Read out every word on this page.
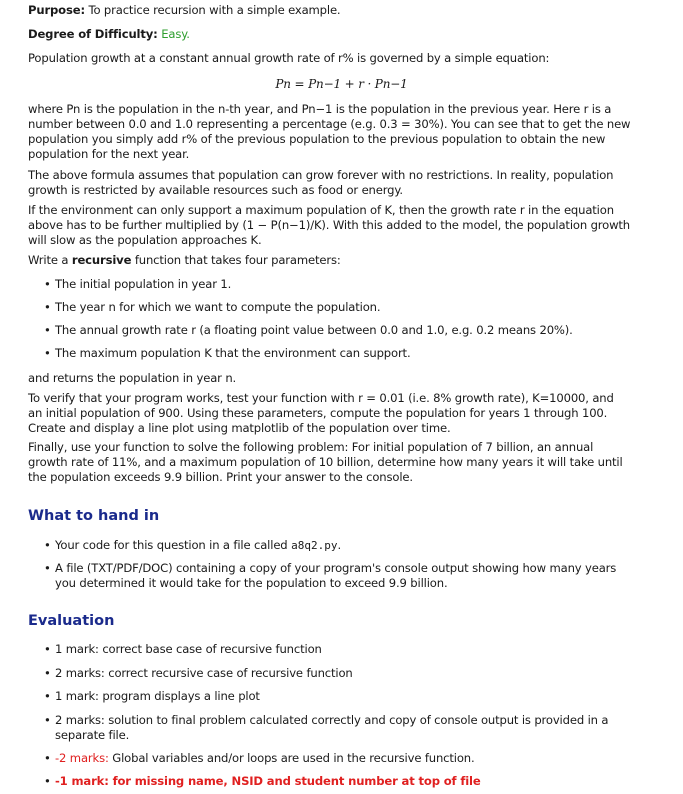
Purpose: To practice recursion with a simple example.
Degree of Difficulty: Easy.
Population growth at a constant annual growth rate of r% is governed by a simple equation:
Pn = Pn−1 + r · Pn−1
where Pn is the population in the n-th year, and Pn−1 is the population in the previous year. Here r is a number between 0.0 and 1.0 representing a percentage (e.g. 0.3 = 30%). You can see that to get the new population you simply add r% of the previous population to the previous population to obtain the new population for the next year.
The above formula assumes that population can grow forever with no restrictions. In reality, population growth is restricted by available resources such as food or energy.
If the environment can only support a maximum population of K, then the growth rate r in the equation above has to be further multiplied by (1 − P(n−1)/K). With this added to the model, the population growth will slow as the population approaches K.
Write a recursive function that takes four parameters:
• The initial population in year 1.
• The year n for which we want to compute the population.
• The annual growth rate r (a floating point value between 0.0 and 1.0, e.g. 0.2 means 20%).
• The maximum population K that the environment can support.
and returns the population in year n.
To verify that your program works, test your function with r = 0.01 (i.e. 8% growth rate), K=10000, and an initial population of 900. Using these parameters, compute the population for years 1 through 100. Create and display a line plot using matplotlib of the population over time.
Finally, use your function to solve the following problem: For initial population of 7 billion, an annual growth rate of 11%, and a maximum population of 10 billion, determine how many years it will take until the population exceeds 9.9 billion. Print your answer to the console.
What to hand in
• Your code for this question in a file called a8q2.py.
• A file (TXT/PDF/DOC) containing a copy of your program's console output showing how many years you determined it would take for the population to exceed 9.9 billion.
Evaluation
• 1 mark: correct base case of recursive function
• 2 marks: correct recursive case of recursive function
• 1 mark: program displays a line plot
• 2 marks: solution to final problem calculated correctly and copy of console output is provided in a separate file.
• -2 marks: Global variables and/or loops are used in the recursive function.
• -1 mark: for missing name, NSID and student number at top of file
